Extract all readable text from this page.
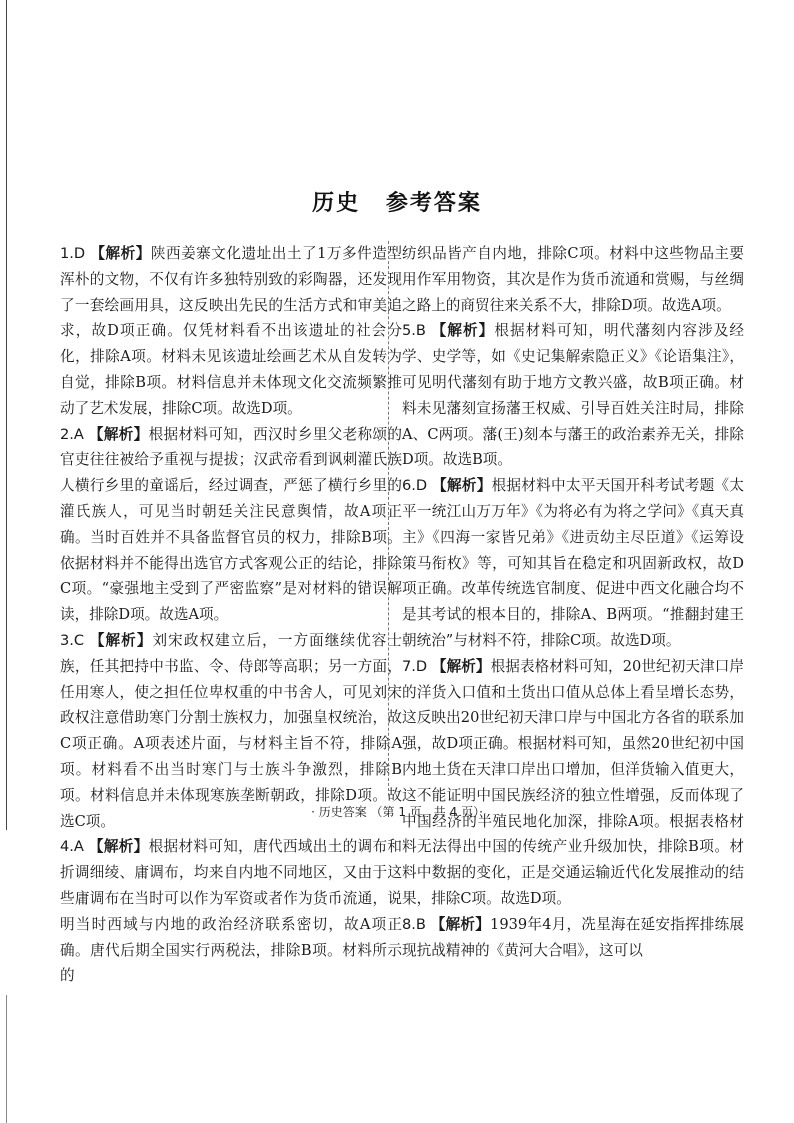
历史 参考答案

1.D 【解析】陕西姜寨文化遗址出土了1万多件造型浑朴的文物，不仅有许多独特别致的彩陶器，还发现了一套绘画用具，这反映出先民的生活方式和审美追求，故D项正确。仅凭材料看不出该遗址的社会分化，排除A项。材料未见该遗址绘画艺术从自发转为自觉，排除B项。材料信息并未体现文化交流频繁推动了艺术发展，排除C项。故选D项。

2.A 【解析】根据材料可知，西汉时乡里父老称颂的官吏往往被给予重视与提拔；汉武帝看到讽刺灌氏族人横行乡里的童谣后，经过调查，严惩了横行乡里的灌氏族人，可见当时朝廷关注民意舆情，故A项正确。当时百姓并不具备监督官员的权力，排除B项。依据材料并不能得出选官方式客观公正的结论，排除C项。“豪强地主受到了严密监察”是对材料的错误解读，排除D项。故选A项。

3.C 【解析】刘宋政权建立后，一方面继续优容士族，任其把持中书监、令、侍郎等高职；另一方面，任用寒人，使之担任位卑权重的中书舍人，可见刘宋政权注意借助寒门分割士族权力，加强皇权统治，故C项正确。A项表述片面，与材料主旨不符，排除A项。材料看不出当时寒门与士族斗争激烈，排除B项。材料信息并未体现寒族垄断朝政，排除D项。故选C项。

4.A 【解析】根据材料可知，唐代西域出土的调布和折调细绫、庸调布，均来自内地不同地区，又由于这些庸调布在当时可以作为军资或者作为货币流通，说明当时西域与内地的政治经济联系密切，故A项正确。唐代后期全国实行两税法，排除B项。材料所示的

纺织品皆产自内地，排除C项。材料中这些物品主要用作军用物资，其次是作为货币流通和赏赐，与丝绸之路上的商贸往来关系不大，排除D项。故选A项。

5.B 【解析】根据材料可知，明代藩刻内容涉及经学、史学等，如《史记集解索隐正义》《论语集注》，可见明代藩刻有助于地方文教兴盛，故B项正确。材料未见藩刻宣扬藩王权威、引导百姓关注时局，排除A、C两项。藩(王)刻本与藩王的政治素养无关，排除D项。故选B项。

6.D 【解析】根据材料中太平天国开科考试考题《太平一统江山万万年》《为将必有为将之学问》《真天真主》《四海一家皆兄弟》《进贡幼主尽臣道》《运筹设策马衔枚》等，可知其旨在稳定和巩固新政权，故D项正确。改革传统选官制度、促进中西文化融合均不是其考试的根本目的，排除A、B两项。“推翻封建王朝统治”与材料不符，排除C项。故选D项。

7.D 【解析】根据表格材料可知，20世纪初天津口岸的洋货入口值和土货出口值从总体上看呈增长态势，这反映出20世纪初天津口岸与中国北方各省的联系加强，故D项正确。根据材料可知，虽然20世纪初中国内地土货在天津口岸出口增加，但洋货输入值更大，这不能证明中国民族经济的独立性增强，反而体现了中国经济的半殖民地化加深，排除A项。根据表格材料无法得出中国的传统产业升级加快，排除B项。材料中数据的变化，正是交通运输近代化发展推动的结果，排除C项。故选D项。

8.B 【解析】1939年4月，冼星海在延安指挥排练展现抗战精神的《黄河大合唱》，这可以

· 历史答案 （第 1 页，共 4 页）·
